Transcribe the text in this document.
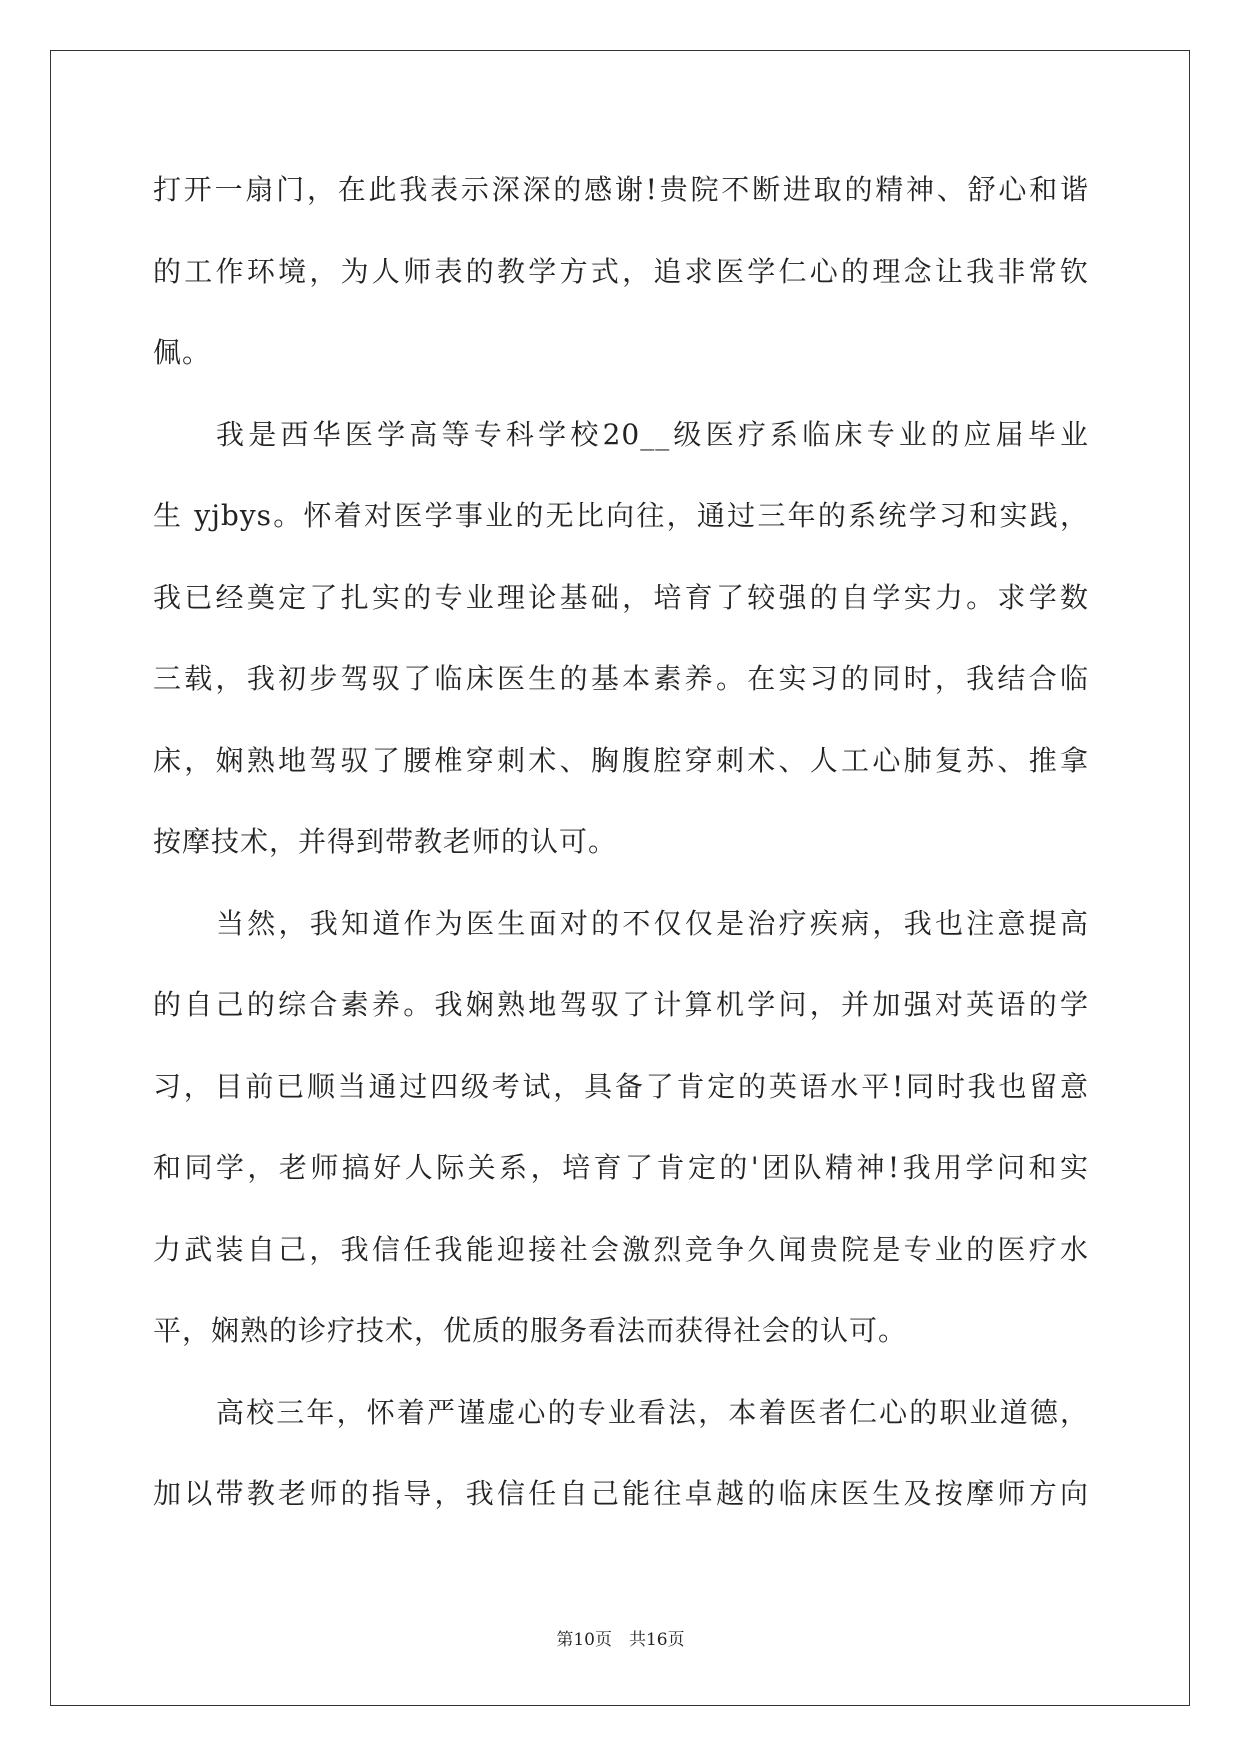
打开一扇门，在此我表示深深的感谢!贵院不断进取的精神、舒心和谐
的工作环境，为人师表的教学方式，追求医学仁心的理念让我非常钦
佩。
我是西华医学高等专科学校20__级医疗系临床专业的应届毕业
生 yjbys。怀着对医学事业的无比向往，通过三年的系统学习和实践，
我已经奠定了扎实的专业理论基础，培育了较强的自学实力。求学数
三载，我初步驾驭了临床医生的基本素养。在实习的同时，我结合临
床，娴熟地驾驭了腰椎穿刺术、胸腹腔穿刺术、人工心肺复苏、推拿
按摩技术，并得到带教老师的认可。
当然，我知道作为医生面对的不仅仅是治疗疾病，我也注意提高
的自己的综合素养。我娴熟地驾驭了计算机学问，并加强对英语的学
习，目前已顺当通过四级考试，具备了肯定的英语水平!同时我也留意
和同学，老师搞好人际关系，培育了肯定的'团队精神!我用学问和实
力武装自己，我信任我能迎接社会激烈竞争久闻贵院是专业的医疗水
平，娴熟的诊疗技术，优质的服务看法而获得社会的认可。
高校三年，怀着严谨虚心的专业看法，本着医者仁心的职业道德，
加以带教老师的指导，我信任自己能往卓越的临床医生及按摩师方向
第10页　共16页
